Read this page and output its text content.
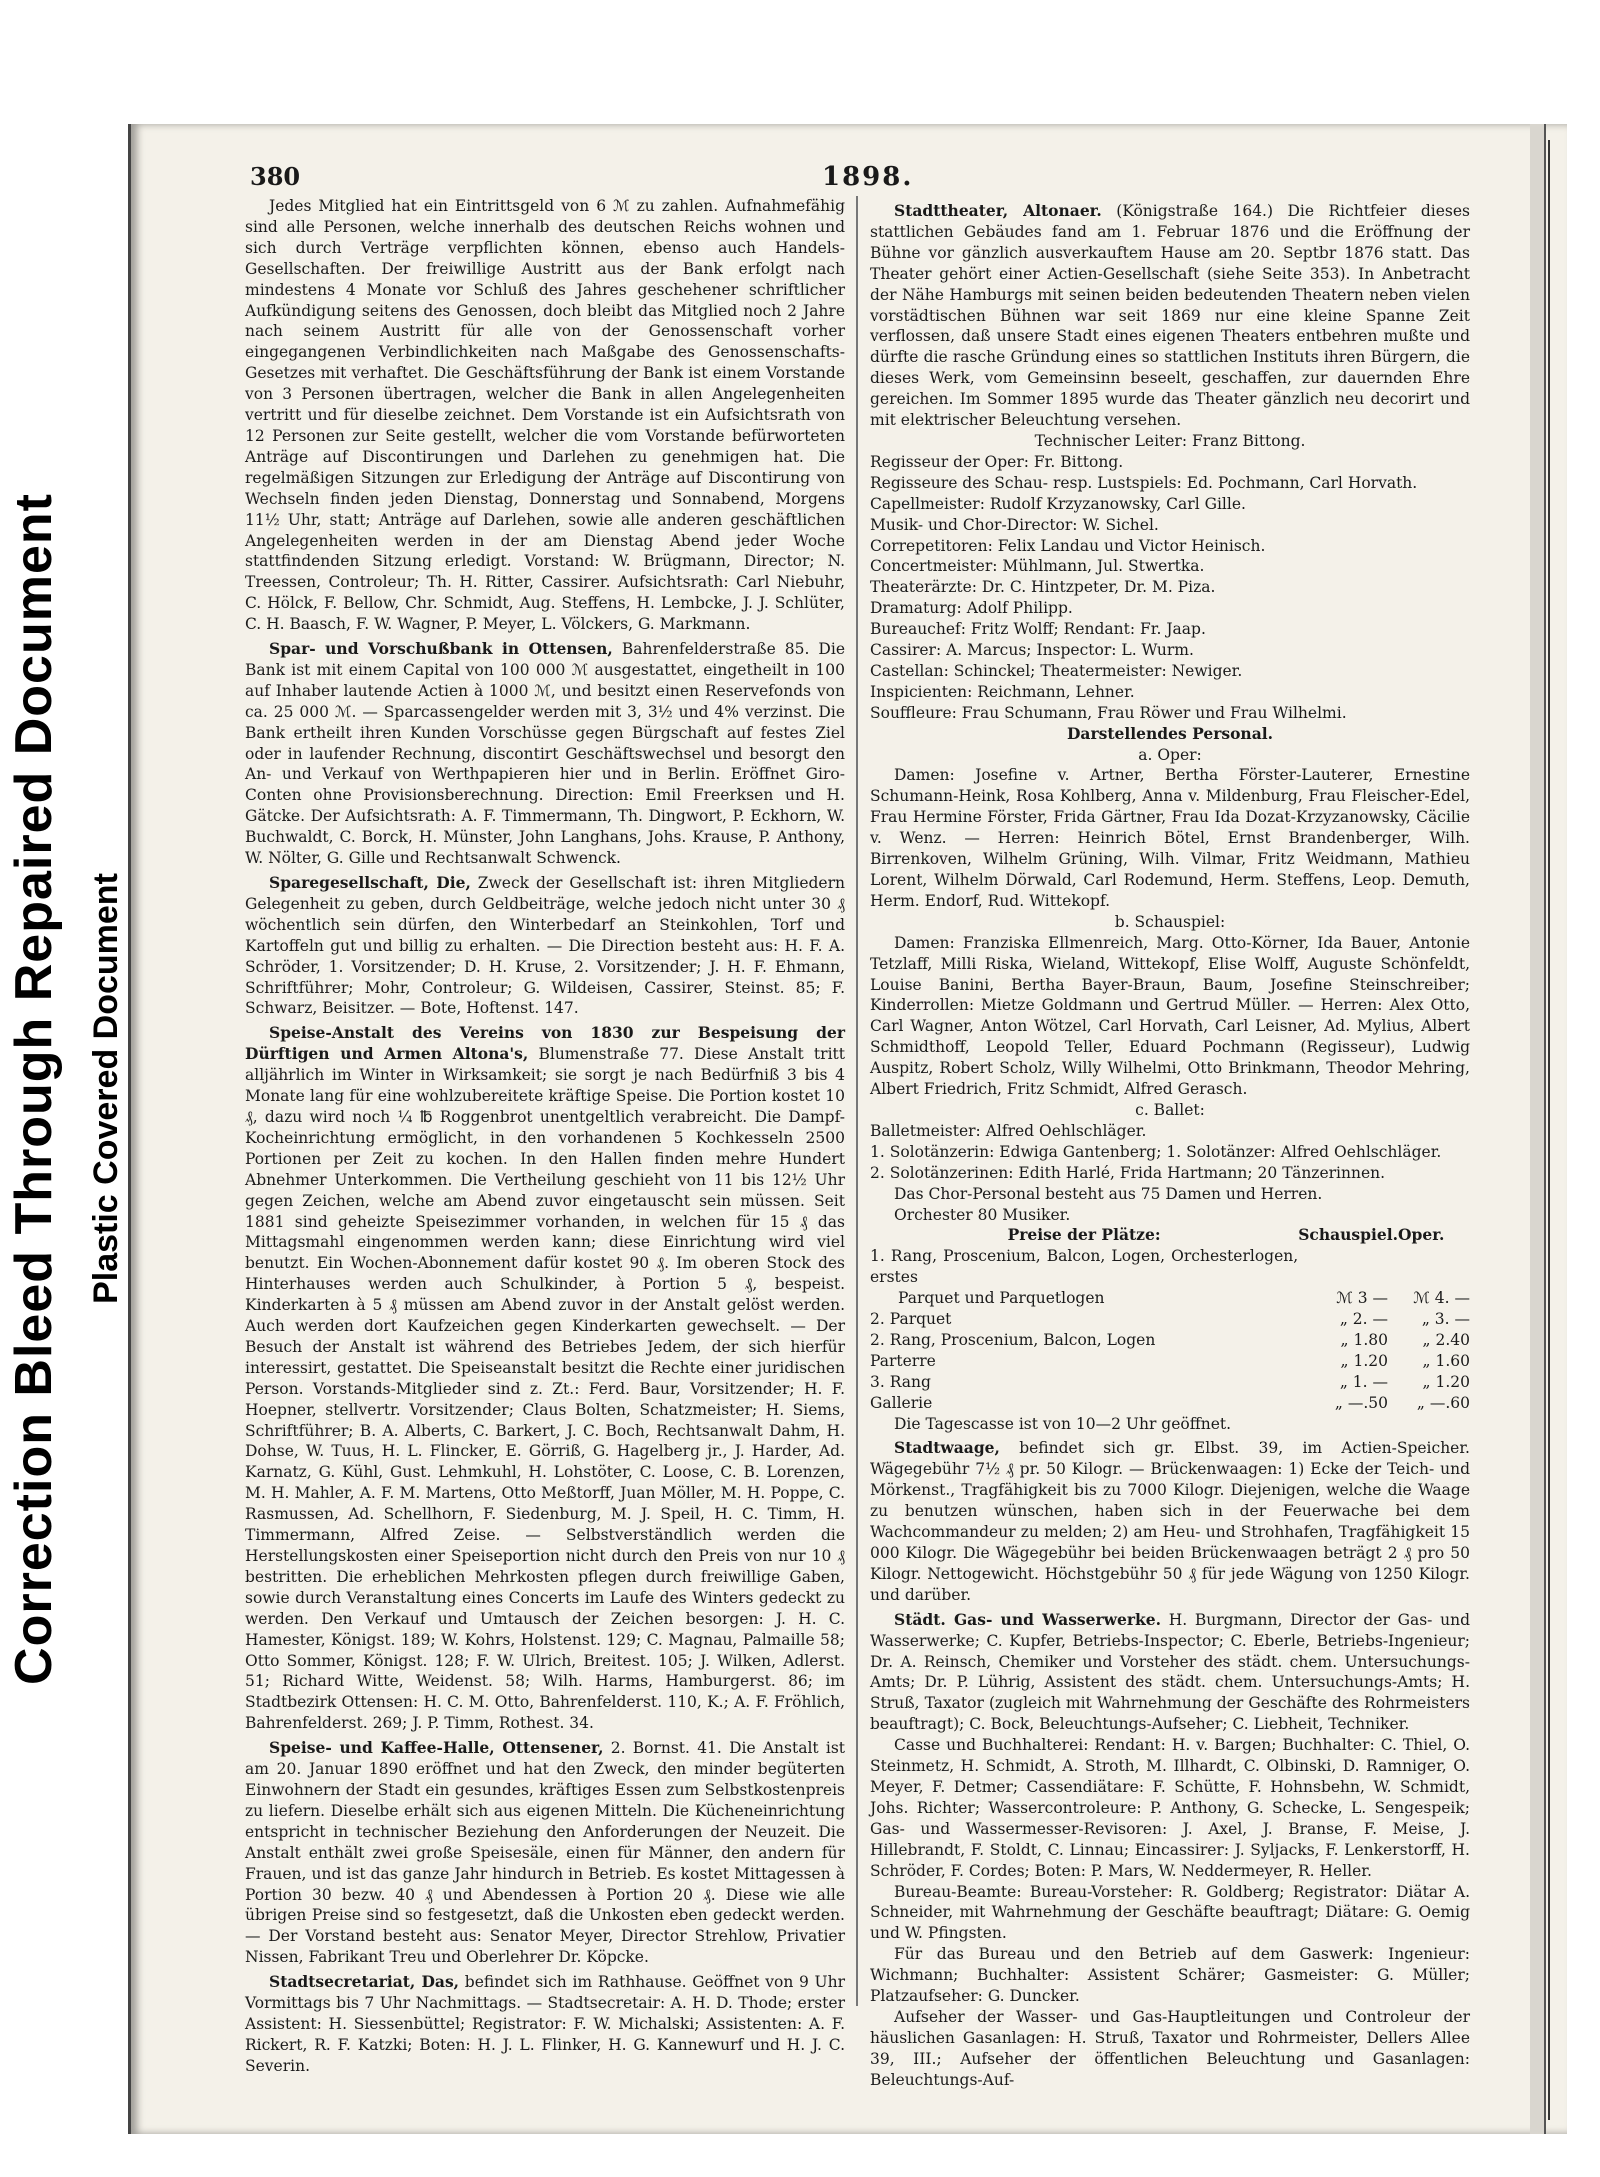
Correction Bleed Through Repaired Document Plastic Covered Document
380	1898.

Jedes Mitglied hat ein Eintrittsgeld von 6 ℳ zu zahlen. Aufnahmefähig sind alle Personen, welche innerhalb des deutschen Reichs wohnen und sich durch Verträge verpflichten können, ebenso auch Handels-Gesellschaften. Der freiwillige Austritt aus der Bank erfolgt nach mindestens 4 Monate vor Schluß des Jahres geschehener schriftlicher Aufkündigung seitens des Genossen, doch bleibt das Mitglied noch 2 Jahre nach seinem Austritt für alle von der Genossenschaft vorher eingegangenen Verbindlichkeiten nach Maßgabe des Genossenschafts-Gesetzes mit verhaftet. Die Geschäftsführung der Bank ist einem Vorstande von 3 Personen übertragen, welcher die Bank in allen Angelegenheiten vertritt und für dieselbe zeichnet. Dem Vorstande ist ein Aufsichtsrath von 12 Personen zur Seite gestellt, welcher die vom Vorstande befürworteten Anträge auf Discontirungen und Darlehen zu genehmigen hat. Die regelmäßigen Sitzungen zur Erledigung der Anträge auf Discontirung von Wechseln finden jeden Dienstag, Donnerstag und Sonnabend, Morgens 11½ Uhr, statt; Anträge auf Darlehen, sowie alle anderen geschäftlichen Angelegenheiten werden in der am Dienstag Abend jeder Woche stattfindenden Sitzung erledigt. Vorstand: W. Brügmann, Director; N. Treessen, Controleur; Th. H. Ritter, Cassirer. Aufsichtsrath: Carl Niebuhr, C. Hölck, F. Bellow, Chr. Schmidt, Aug. Steffens, H. Lembcke, J. J. Schlüter, C. H. Baasch, F. W. Wagner, P. Meyer, L. Völckers, G. Markmann.

Spar- und Vorschußbank in Ottensen, Bahrenfelderstraße 85. Die Bank ist mit einem Capital von 100 000 ℳ ausgestattet, eingetheilt in 100 auf Inhaber lautende Actien à 1000 ℳ, und besitzt einen Reservefonds von ca. 25 000 ℳ. — Sparcassengelder werden mit 3, 3½ und 4% verzinst. Die Bank ertheilt ihren Kunden Vorschüsse gegen Bürgschaft auf festes Ziel oder in laufender Rechnung, discontirt Geschäftswechsel und besorgt den An- und Verkauf von Werthpapieren hier und in Berlin. Eröffnet Giro-Conten ohne Provisionsberechnung. Direction: Emil Freerksen und H. Gätcke. Der Aufsichtsrath: A. F. Timmermann, Th. Dingwort, P. Eckhorn, W. Buchwaldt, C. Borck, H. Münster, John Langhans, Johs. Krause, P. Anthony, W. Nölter, G. Gille und Rechtsanwalt Schwenck.

Sparegesellschaft, Die, Zweck der Gesellschaft ist: ihren Mitgliedern Gelegenheit zu geben, durch Geldbeiträge, welche jedoch nicht unter 30 ₰ wöchentlich sein dürfen, den Winterbedarf an Steinkohlen, Torf und Kartoffeln gut und billig zu erhalten. — Die Direction besteht aus: H. F. A. Schröder, 1. Vorsitzender; D. H. Kruse, 2. Vorsitzender; J. H. F. Ehmann, Schriftführer; Mohr, Controleur; G. Wildeisen, Cassirer, Steinst. 85; F. Schwarz, Beisitzer. — Bote, Hoftenst. 147.

Speise-Anstalt des Vereins von 1830 zur Bespeisung der Dürftigen und Armen Altona's, Blumenstraße 77. Diese Anstalt tritt alljährlich im Winter in Wirksamkeit; sie sorgt je nach Bedürfniß 3 bis 4 Monate lang für eine wohlzubereitete kräftige Speise. Die Portion kostet 10 ₰, dazu wird noch ¼ ℔ Roggenbrot unentgeltlich verabreicht. Die Dampf-Kocheinrichtung ermöglicht, in den vorhandenen 5 Kochkesseln 2500 Portionen per Zeit zu kochen. In den Hallen finden mehre Hundert Abnehmer Unterkommen. Die Vertheilung geschieht von 11 bis 12½ Uhr gegen Zeichen, welche am Abend zuvor eingetauscht sein müssen. Seit 1881 sind geheizte Speisezimmer vorhanden, in welchen für 15 ₰ das Mittagsmahl eingenommen werden kann; diese Einrichtung wird viel benutzt. Ein Wochen-Abonnement dafür kostet 90 ₰. Im oberen Stock des Hinterhauses werden auch Schulkinder, à Portion 5 ₰, bespeist. Kinderkarten à 5 ₰ müssen am Abend zuvor in der Anstalt gelöst werden. Auch werden dort Kaufzeichen gegen Kinderkarten gewechselt. — Der Besuch der Anstalt ist während des Betriebes Jedem, der sich hierfür interessirt, gestattet. Die Speiseanstalt besitzt die Rechte einer juridischen Person. Vorstands-Mitglieder sind z. Zt.: Ferd. Baur, Vorsitzender; H. F. Hoepner, stellvertr. Vorsitzender; Claus Bolten, Schatzmeister; H. Siems, Schriftführer; B. A. Alberts, C. Barkert, J. C. Boch, Rechtsanwalt Dahm, H. Dohse, W. Tuus, H. L. Flincker, E. Görriß, G. Hagelberg jr., J. Harder, Ad. Karnatz, G. Kühl, Gust. Lehmkuhl, H. Lohstöter, C. Loose, C. B. Lorenzen, M. H. Mahler, A. F. M. Martens, Otto Meßtorff, Juan Möller, M. H. Poppe, C. Rasmussen, Ad. Schellhorn, F. Siedenburg, M. J. Speil, H. C. Timm, H. Timmermann, Alfred Zeise. — Selbstverständlich werden die Herstellungskosten einer Speiseportion nicht durch den Preis von nur 10 ₰ bestritten. Die erheblichen Mehrkosten pflegen durch freiwillige Gaben, sowie durch Veranstaltung eines Concerts im Laufe des Winters gedeckt zu werden. Den Verkauf und Umtausch der Zeichen besorgen: J. H. C. Hamester, Königst. 189; W. Kohrs, Holstenst. 129; C. Magnau, Palmaille 58; Otto Sommer, Königst. 128; F. W. Ulrich, Breitest. 105; J. Wilken, Adlerst. 51; Richard Witte, Weidenst. 58; Wilh. Harms, Hamburgerst. 86; im Stadtbezirk Ottensen: H. C. M. Otto, Bahrenfelderst. 110, K.; A. F. Fröhlich, Bahrenfelderst. 269; J. P. Timm, Rothest. 34.

Speise- und Kaffee-Halle, Ottensener, 2. Bornst. 41. Die Anstalt ist am 20. Januar 1890 eröffnet und hat den Zweck, den minder begüterten Einwohnern der Stadt ein gesundes, kräftiges Essen zum Selbstkostenpreis zu liefern. Dieselbe erhält sich aus eigenen Mitteln. Die Kücheneinrichtung entspricht in technischer Beziehung den Anforderungen der Neuzeit. Die Anstalt enthält zwei große Speisesäle, einen für Männer, den andern für Frauen, und ist das ganze Jahr hindurch in Betrieb. Es kostet Mittagessen à Portion 30 bezw. 40 ₰ und Abendessen à Portion 20 ₰. Diese wie alle übrigen Preise sind so festgesetzt, daß die Unkosten eben gedeckt werden. — Der Vorstand besteht aus: Senator Meyer, Director Strehlow, Privatier Nissen, Fabrikant Treu und Oberlehrer Dr. Köpcke.

Stadtsecretariat, Das, befindet sich im Rathhause. Geöffnet von 9 Uhr Vormittags bis 7 Uhr Nachmittags. — Stadtsecretair: A. H. D. Thode; erster Assistent: H. Siessenbüttel; Registrator: F. W. Michalski; Assistenten: A. F. Rickert, R. F. Katzki; Boten: H. J. L. Flinker, H. G. Kannewurf und H. J. C. Severin.

Stadttheater, Altonaer. (Königstraße 164.) Die Richtfeier dieses stattlichen Gebäudes fand am 1. Februar 1876 und die Eröffnung der Bühne vor gänzlich ausverkauftem Hause am 20. Septbr 1876 statt. Das Theater gehört einer Actien-Gesellschaft (siehe Seite 353). In Anbetracht der Nähe Hamburgs mit seinen beiden bedeutenden Theatern neben vielen vorstädtischen Bühnen war seit 1869 nur eine kleine Spanne Zeit verflossen, daß unsere Stadt eines eigenen Theaters entbehren mußte und dürfte die rasche Gründung eines so stattlichen Instituts ihren Bürgern, die dieses Werk, vom Gemeinsinn beseelt, geschaffen, zur dauernden Ehre gereichen. Im Sommer 1895 wurde das Theater gänzlich neu decorirt und mit elektrischer Beleuchtung versehen.

Technischer Leiter: Franz Bittong.

Regisseur der Oper: Fr. Bittong.

Regisseure des Schau- resp. Lustspiels: Ed. Pochmann, Carl Horvath.

Capellmeister: Rudolf Krzyzanowsky, Carl Gille.

Musik- und Chor-Director: W. Sichel.

Correpetitoren: Felix Landau und Victor Heinisch.

Concertmeister: Mühlmann, Jul. Stwertka.

Theaterärzte: Dr. C. Hintzpeter, Dr. M. Piza.

Dramaturg: Adolf Philipp.

Bureauchef: Fritz Wolff; Rendant: Fr. Jaap.

Cassirer: A. Marcus; Inspector: L. Wurm.

Castellan: Schinckel; Theatermeister: Newiger.

Inspicienten: Reichmann, Lehner.

Souffleure: Frau Schumann, Frau Röwer und Frau Wilhelmi.

Darstellendes Personal.

a. Oper:

Damen: Josefine v. Artner, Bertha Förster-Lauterer, Ernestine Schumann-Heink, Rosa Kohlberg, Anna v. Mildenburg, Frau Fleischer-Edel, Frau Hermine Förster, Frida Gärtner, Frau Ida Dozat-Krzyzanowsky, Cäcilie v. Wenz. — Herren: Heinrich Bötel, Ernst Brandenberger, Wilh. Birrenkoven, Wilhelm Grüning, Wilh. Vilmar, Fritz Weidmann, Mathieu Lorent, Wilhelm Dörwald, Carl Rodemund, Herm. Steffens, Leop. Demuth, Herm. Endorf, Rud. Wittekopf.

b. Schauspiel:

Damen: Franziska Ellmenreich, Marg. Otto-Körner, Ida Bauer, Antonie Tetzlaff, Milli Riska, Wieland, Wittekopf, Elise Wolff, Auguste Schönfeldt, Louise Banini, Bertha Bayer-Braun, Baum, Josefine Steinschreiber; Kinderrollen: Mietze Goldmann und Gertrud Müller. — Herren: Alex Otto, Carl Wagner, Anton Wötzel, Carl Horvath, Carl Leisner, Ad. Mylius, Albert Schmidthoff, Leopold Teller, Eduard Pochmann (Regisseur), Ludwig Auspitz, Robert Scholz, Willy Wilhelmi, Otto Brinkmann, Theodor Mehring, Albert Friedrich, Fritz Schmidt, Alfred Gerasch.

c. Ballet:

Balletmeister: Alfred Oehlschläger.

1. Solotänzerin: Edwiga Gantenberg; 1. Solotänzer: Alfred Oehlschläger.

2. Solotänzerinen: Edith Harlé, Frida Hartmann; 20 Tänzerinnen.

Das Chor-Personal besteht aus 75 Damen und Herren.

Orchester 80 Musiker.

Preise der Plätze:	Schauspiel.	Oper.
1. Rang, Proscenium, Balcon, Logen, Orchesterlogen, erstes		
Parquet und Parquetlogen	ℳ 3 —	ℳ 4. —
2. Parquet	„ 2. —	„ 3. —
2. Rang, Proscenium, Balcon, Logen	„ 1.80	„ 2.40
Parterre	„ 1.20	„ 1.60
3. Rang	„ 1. —	„ 1.20
Gallerie	„ —.50	„ —.60

Die Tagescasse ist von 10—2 Uhr geöffnet.

Stadtwaage, befindet sich gr. Elbst. 39, im Actien-Speicher. Wägegebühr 7½ ₰ pr. 50 Kilogr. — Brückenwaagen: 1) Ecke der Teich- und Mörkenst., Tragfähigkeit bis zu 7000 Kilogr. Diejenigen, welche die Waage zu benutzen wünschen, haben sich in der Feuerwache bei dem Wachcommandeur zu melden; 2) am Heu- und Strohhafen, Tragfähigkeit 15 000 Kilogr. Die Wägegebühr bei beiden Brückenwaagen beträgt 2 ₰ pro 50 Kilogr. Nettogewicht. Höchstgebühr 50 ₰ für jede Wägung von 1250 Kilogr. und darüber.

Städt. Gas- und Wasserwerke. H. Burgmann, Director der Gas- und Wasserwerke; C. Kupfer, Betriebs-Inspector; C. Eberle, Betriebs-Ingenieur; Dr. A. Reinsch, Chemiker und Vorsteher des städt. chem. Untersuchungs-Amts; Dr. P. Lührig, Assistent des städt. chem. Untersuchungs-Amts; H. Struß, Taxator (zugleich mit Wahrnehmung der Geschäfte des Rohrmeisters beauftragt); C. Bock, Beleuchtungs-Aufseher; C. Liebheit, Techniker.

Casse und Buchhalterei: Rendant: H. v. Bargen; Buchhalter: C. Thiel, O. Steinmetz, H. Schmidt, A. Stroth, M. Illhardt, C. Olbinski, D. Ramniger, O. Meyer, F. Detmer; Cassendiätare: F. Schütte, F. Hohnsbehn, W. Schmidt, Johs. Richter; Wassercontroleure: P. Anthony, G. Schecke, L. Sengespeik; Gas- und Wassermesser-Revisoren: J. Axel, J. Branse, F. Meise, J. Hillebrandt, F. Stoldt, C. Linnau; Eincassirer: J. Syljacks, F. Lenkerstorff, H. Schröder, F. Cordes; Boten: P. Mars, W. Neddermeyer, R. Heller.

Bureau-Beamte: Bureau-Vorsteher: R. Goldberg; Registrator: Diätar A. Schneider, mit Wahrnehmung der Geschäfte beauftragt; Diätare: G. Oemig und W. Pfingsten.

Für das Bureau und den Betrieb auf dem Gaswerk: Ingenieur: Wichmann; Buchhalter: Assistent Schärer; Gasmeister: G. Müller; Platzaufseher: G. Duncker.

Aufseher der Wasser- und Gas-Hauptleitungen und Controleur der häuslichen Gasanlagen: H. Struß, Taxator und Rohrmeister, Dellers Allee 39, III.; Aufseher der öffentlichen Beleuchtung und Gasanlagen: Beleuchtungs-Auf-
